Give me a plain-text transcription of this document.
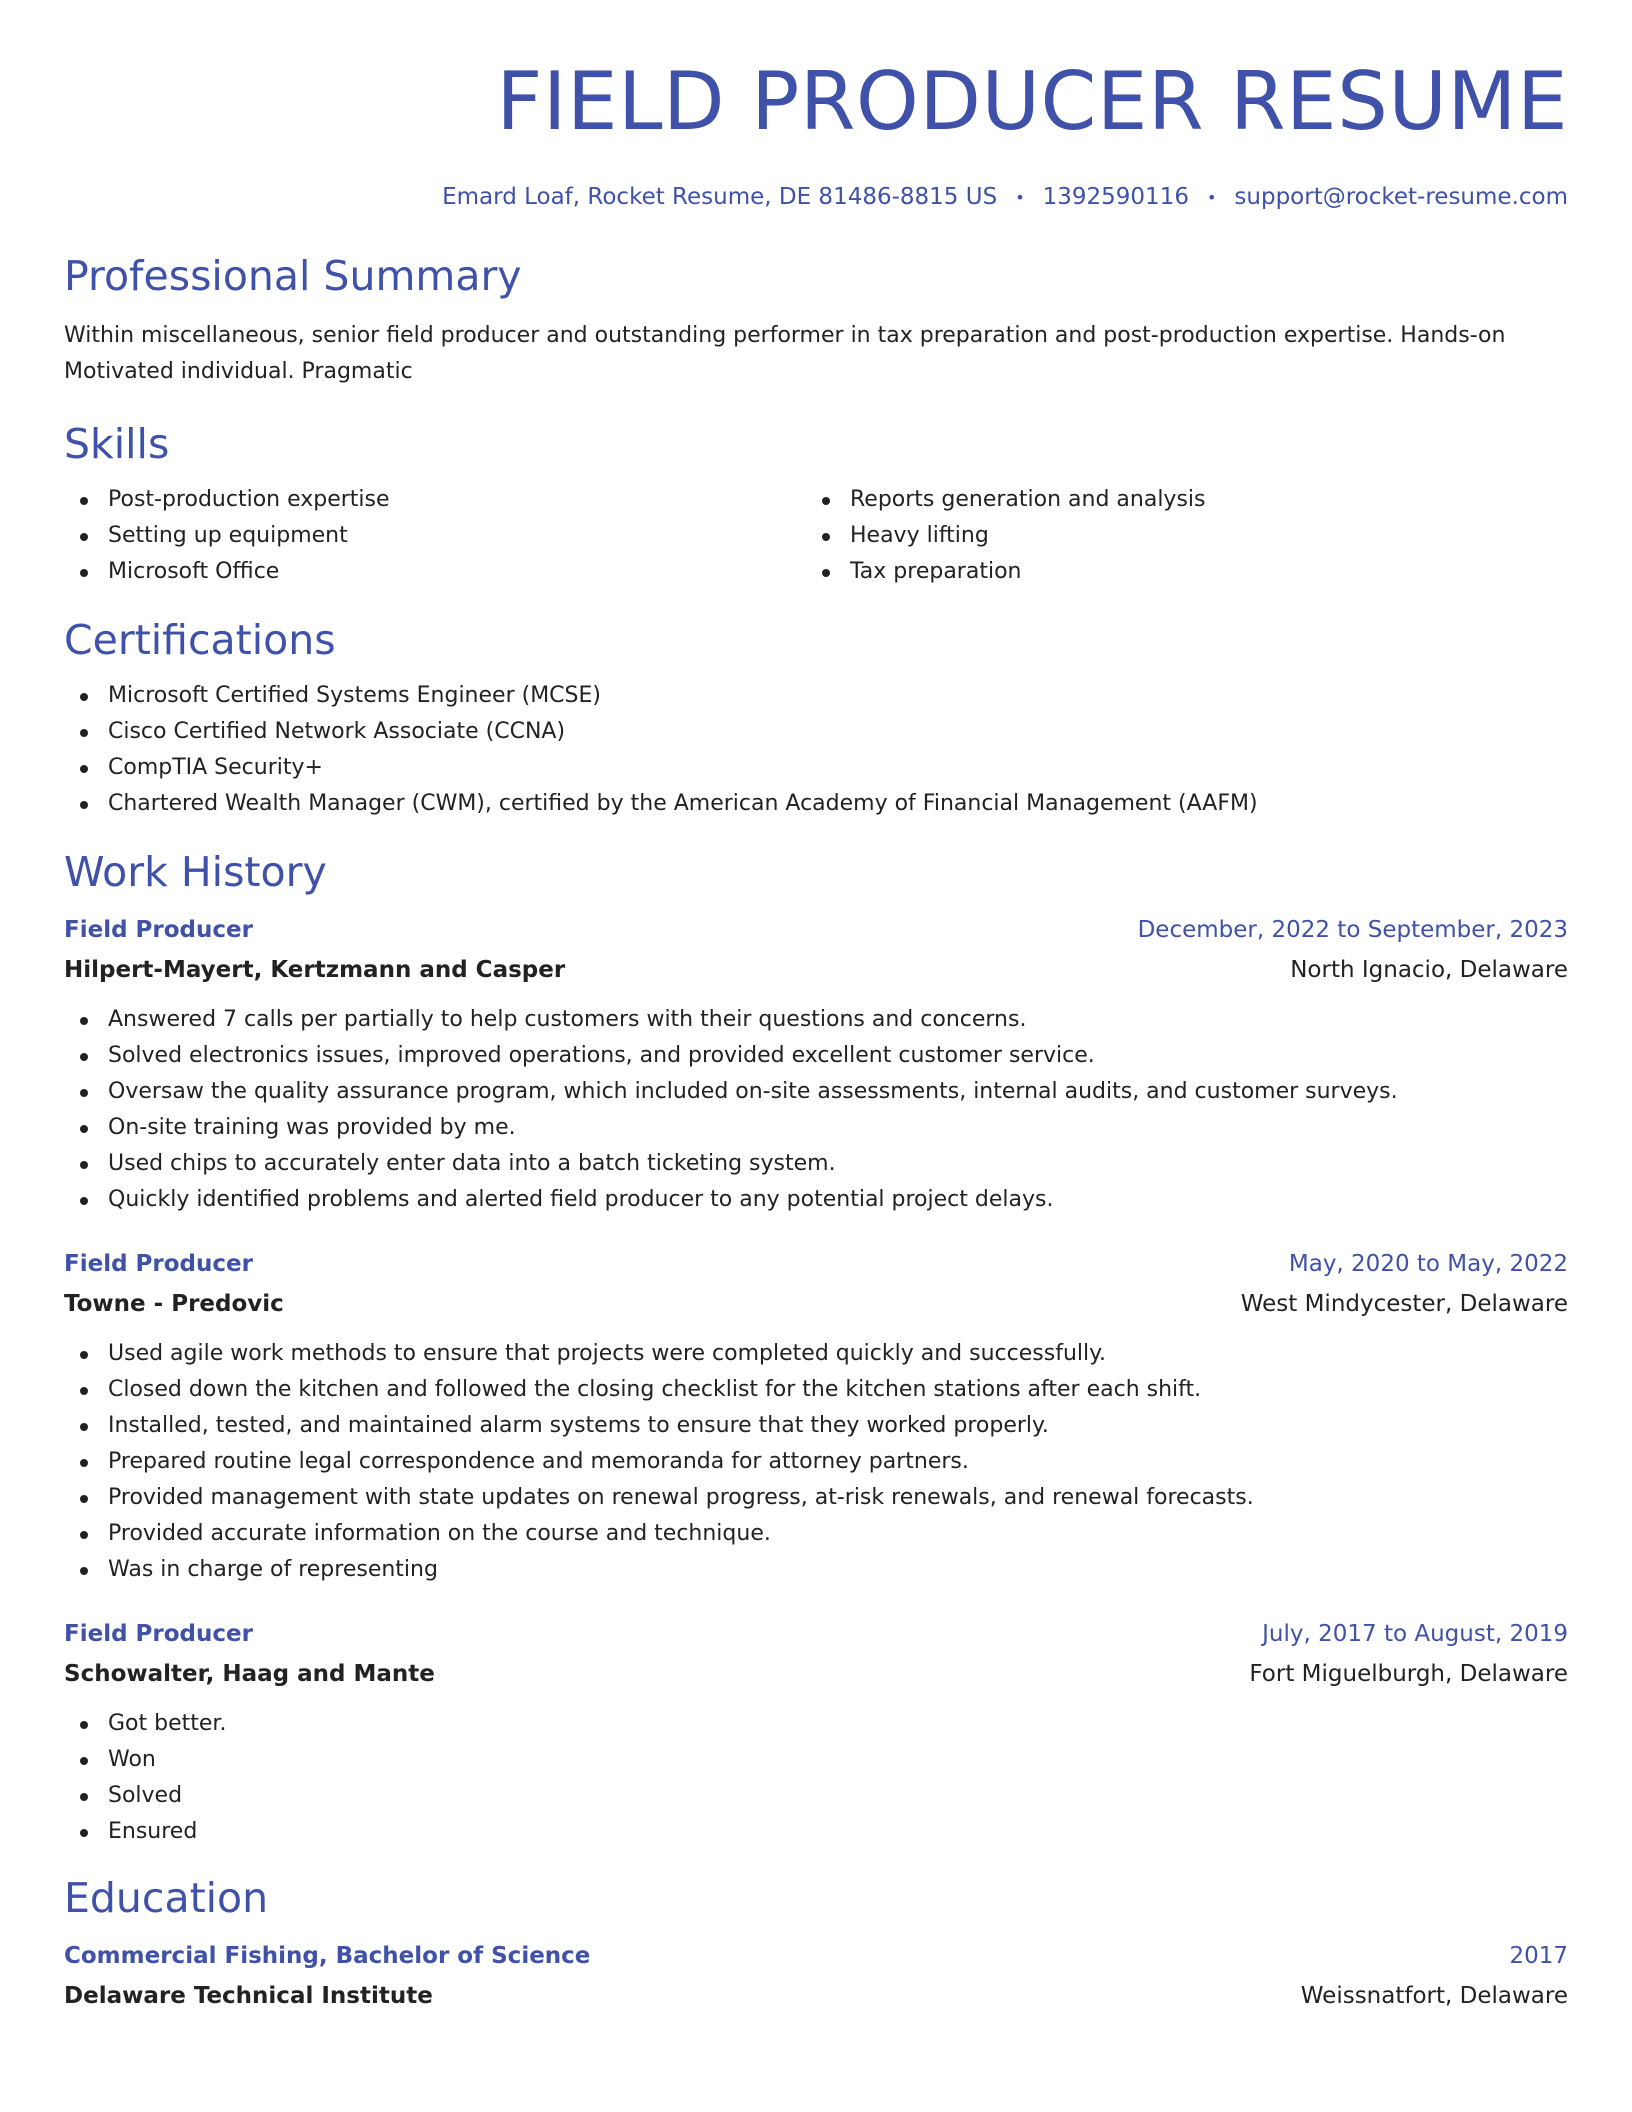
FIELD PRODUCER RESUME
Emard Loaf, Rocket Resume, DE 81486-8815 US • 1392590116 • support@rocket-resume.com
Professional Summary

Within miscellaneous, senior field producer and outstanding performer in tax preparation and post-production expertise. Hands-on Motivated individual. Pragmatic

Skills
Post-production expertise
Setting up equipment
Microsoft Office
Reports generation and analysis
Heavy lifting
Tax preparation
Certifications
Microsoft Certified Systems Engineer (MCSE)
Cisco Certified Network Associate (CCNA)
CompTIA Security+
Chartered Wealth Manager (CWM), certified by the American Academy of Financial Management (AAFM)
Work History
Field Producer	December, 2022 to September, 2023
Hilpert-Mayert, Kertzmann and Casper	North Ignacio, Delaware
Answered 7 calls per partially to help customers with their questions and concerns.
Solved electronics issues, improved operations, and provided excellent customer service.
Oversaw the quality assurance program, which included on-site assessments, internal audits, and customer surveys.
On-site training was provided by me.
Used chips to accurately enter data into a batch ticketing system.
Quickly identified problems and alerted field producer to any potential project delays.
Field Producer	May, 2020 to May, 2022
Towne - Predovic	West Mindycester, Delaware
Used agile work methods to ensure that projects were completed quickly and successfully.
Closed down the kitchen and followed the closing checklist for the kitchen stations after each shift.
Installed, tested, and maintained alarm systems to ensure that they worked properly.
Prepared routine legal correspondence and memoranda for attorney partners.
Provided management with state updates on renewal progress, at-risk renewals, and renewal forecasts.
Provided accurate information on the course and technique.
Was in charge of representing
Field Producer	July, 2017 to August, 2019
Schowalter, Haag and Mante	Fort Miguelburgh, Delaware
Got better.
Won
Solved
Ensured
Education
Commercial Fishing, Bachelor of Science	2017
Delaware Technical Institute	Weissnatfort, Delaware
